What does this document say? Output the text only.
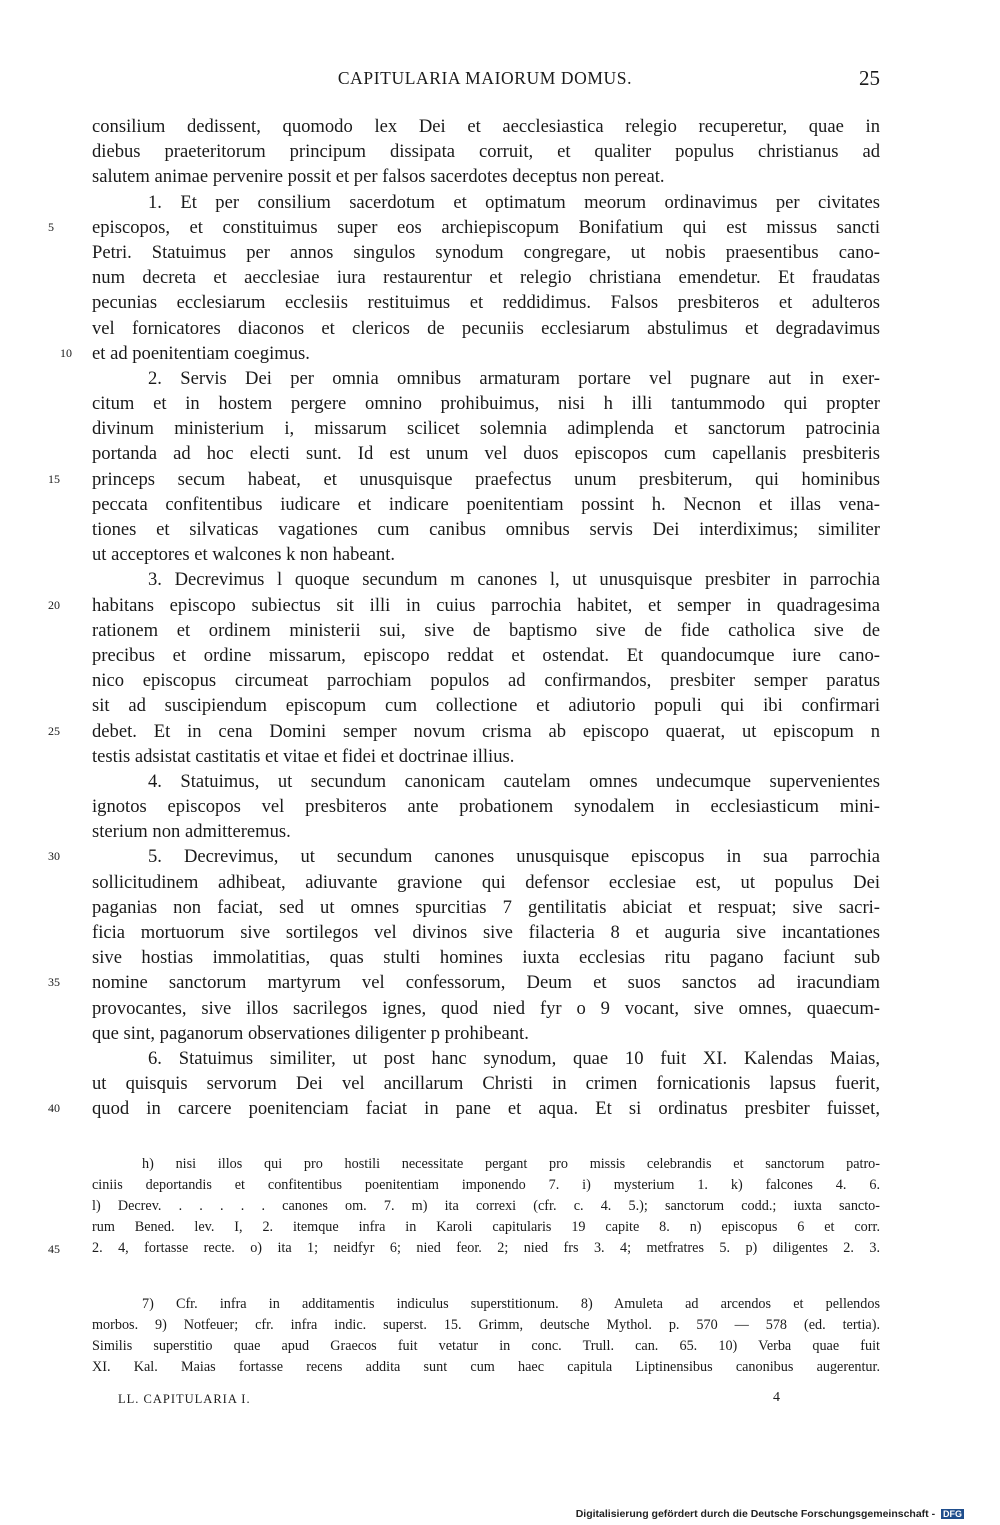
CAPITULARIA MAIORUM DOMUS.	25
consilium dedissent, quomodo lex Dei et aecclesiastica relegio recuperetur, quae in
diebus praeteritorum principum dissipata corruit, et qualiter populus christianus ad
salutem animae pervenire possit et per falsos sacerdotes deceptus non pereat.
1. Et per consilium sacerdotum et optimatum meorum ordinavimus per civitates
5	episcopos, et constituimus super eos archiepiscopum Bonifatium qui est missus sancti
Petri. Statuimus per annos singulos synodum congregare, ut nobis praesentibus cano-
num decreta et aecclesiae iura restaurentur et relegio christiana emendetur. Et fraudatas
pecunias ecclesiarum ecclesiis restituimus et reddidimus. Falsos presbiteros et adulteros
vel fornicatores diaconos et clericos de pecuniis ecclesiarum abstulimus et degradavimus
10 et ad poenitentiam coegimus.
2. Servis Dei per omnia omnibus armaturam portare vel pugnare aut in exer-
citum et in hostem pergere omnino prohibuimus, nisi h illi tantummodo qui propter
divinum ministerium i, missarum scilicet solemnia adimplenda et sanctorum patrocinia
portanda ad hoc electi sunt. Id est unum vel duos episcopos cum capellanis presbiteris
15	princeps secum habeat, et unusquisque praefectus unum presbiterum, qui hominibus
peccata confitentibus iudicare et indicare poenitentiam possint h. Necnon et illas vena-
tiones et silvaticas vagationes cum canibus omnibus servis Dei interdiximus; similiter
ut acceptores et walcones k non habeant.
3. Decrevimus l quoque secundum m canones l, ut unusquisque presbiter in parrochia
20	habitans episcopo subiectus sit illi in cuius parrochia habitet, et semper in quadragesima
rationem et ordinem ministerii sui, sive de baptismo sive de fide catholica sive de
precibus et ordine missarum, episcopo reddat et ostendat. Et quandocumque iure cano-
nico episcopus circumeat parrochiam populos ad confirmandos, presbiter semper paratus
sit ad suscipiendum episcopum cum collectione et adiutorio populi qui ibi confirmari
25	debet. Et in cena Domini semper novum crisma ab episcopo quaerat, ut episcopum n
testis adsistat castitatis et vitae et fidei et doctrinae illius.
4. Statuimus, ut secundum canonicam cautelam omnes undecumque supervenientes
ignotos episcopos vel presbiteros ante probationem synodalem in ecclesiasticum mini-
sterium non admitteremus.
30	5. Decrevimus, ut secundum canones unusquisque episcopus in sua parrochia
sollicitudinem adhibeat, adiuvante gravione qui defensor ecclesiae est, ut populus Dei
paganias non faciat, sed ut omnes spurcitias 7 gentilitatis abiciat et respuat; sive sacri-
ficia mortuorum sive sortilegos vel divinos sive filacteria 8 et auguria sive incantationes
sive hostias immolatitias, quas stulti homines iuxta ecclesias ritu pagano faciunt sub
35	nomine sanctorum martyrum vel confessorum, Deum et suos sanctos ad iracundiam
provocantes, sive illos sacrilegos ignes, quod nied fyr o 9 vocant, sive omnes, quaecum-
que sint, paganorum observationes diligenter p prohibeant.
6. Statuimus similiter, ut post hanc synodum, quae 10 fuit XI. Kalendas Maias,
ut quisquis servorum Dei vel ancillarum Christi in crimen fornicationis lapsus fuerit,
40	quod in carcere poenitenciam faciat in pane et aqua. Et si ordinatus presbiter fuisset,
h) nisi illos qui pro hostili necessitate pergant pro missis celebrandis et sanctorum patro-
ciniis deportandis et confitentibus poenitentiam imponendo 7. i) mysterium 1. k) falcones 4. 6.
l) Decrev. . . . . . canones om. 7. m) ita correxi (cfr. c. 4. 5.); sanctorum codd.; iuxta sancto-
rum Bened. lev. I, 2. itemque infra in Karoli capitularis 19 capite 8. n) episcopus 6 et corr.
45	2. 4, fortasse recte. o) ita 1; neidfyr 6; nied feor. 2; nied frs 3. 4; metfratres 5. p) diligentes 2. 3.
7) Cfr. infra in additamentis indiculus superstitionum. 8) Amuleta ad arcendos et pellendos
morbos. 9) Notfeuer; cfr. infra indic. superst. 15. Grimm, deutsche Mythol. p. 570 — 578 (ed. tertia).
Similis superstitio quae apud Graecos fuit vetatur in conc. Trull. can. 65. 10) Verba quae fuit
XI. Kal. Maias fortasse recens addita sunt cum haec capitula Liptinensibus canonibus augerentur.
LL. CAPITULARIA I.	4
Digitalisierung gefördert durch die Deutsche Forschungsgemeinschaft - DFG
